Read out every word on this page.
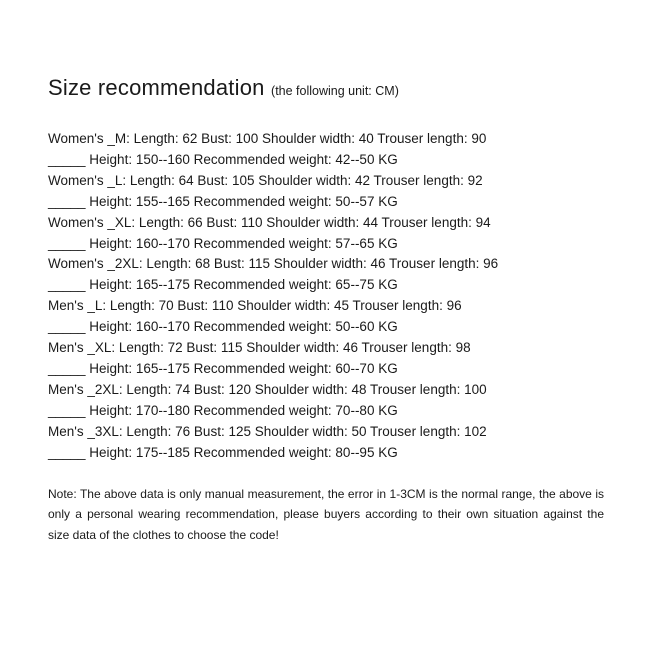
Size recommendation (the following unit: CM)
Women's _M: Length: 62 Bust: 100 Shoulder width: 40 Trouser length: 90
_____ Height: 150--160 Recommended weight: 42--50 KG
Women's _L: Length: 64 Bust: 105 Shoulder width: 42 Trouser length: 92
_____ Height: 155--165 Recommended weight: 50--57 KG
Women's _XL: Length: 66 Bust: 110 Shoulder width: 44 Trouser length: 94
_____ Height: 160--170 Recommended weight: 57--65 KG
Women's _2XL: Length: 68 Bust: 115 Shoulder width: 46 Trouser length: 96
_____ Height: 165--175 Recommended weight: 65--75 KG
Men's _L: Length: 70 Bust: 110 Shoulder width: 45 Trouser length: 96
_____ Height: 160--170 Recommended weight: 50--60 KG
Men's _XL: Length: 72 Bust: 115 Shoulder width: 46 Trouser length: 98
_____ Height: 165--175 Recommended weight: 60--70 KG
Men's _2XL: Length: 74 Bust: 120 Shoulder width: 48 Trouser length: 100
_____ Height: 170--180 Recommended weight: 70--80 KG
Men's _3XL: Length: 76 Bust: 125 Shoulder width: 50 Trouser length: 102
_____ Height: 175--185 Recommended weight: 80--95 KG
Note: The above data is only manual measurement, the error in 1-3CM is the normal range, the above is only a personal wearing recommendation, please buyers according to their own situation against the size data of the clothes to choose the code!
